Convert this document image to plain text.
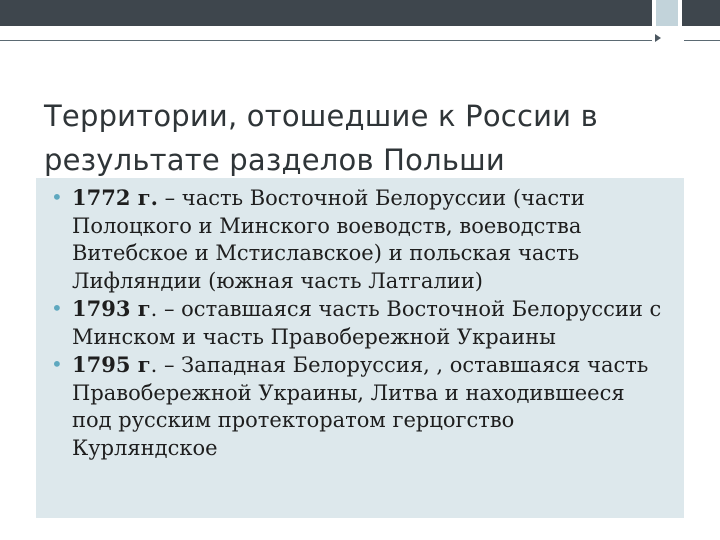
Территории, отошедшие к России в результате разделов Польши
• 1772 г. – часть Восточной Белоруссии (части Полоцкого и Минского воеводств, воеводства Витебское и Мстиславское) и польская часть Лифляндии (южная часть Латгалии)
• 1793 г. – оставшаяся часть Восточной Белоруссии с Минском и часть Правобережной Украины
• 1795 г. – Западная Белоруссия, , оставшаяся часть Правобережной Украины, Литва и находившееся под русским протекторатом герцогство Курляндское
